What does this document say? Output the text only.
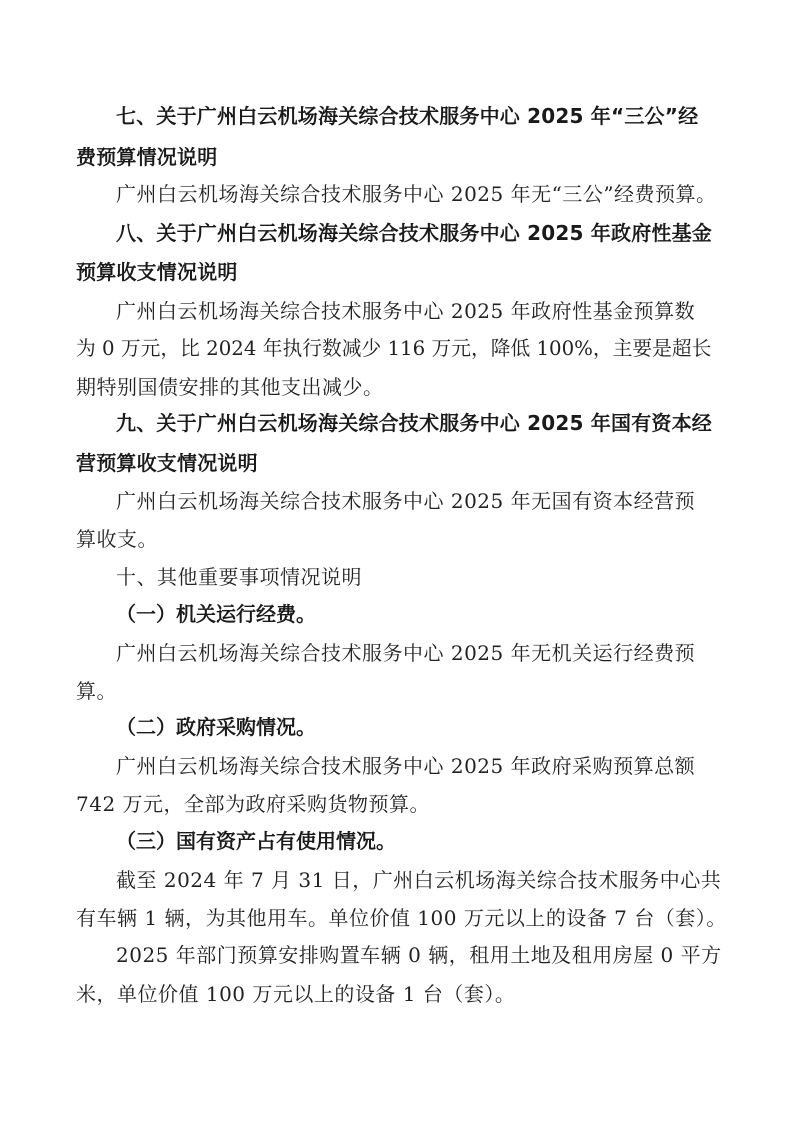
七、关于广州白云机场海关综合技术服务中心 2025 年“三公”经
费预算情况说明
广州白云机场海关综合技术服务中心 2025 年无“三公”经费预算。
八、关于广州白云机场海关综合技术服务中心 2025 年政府性基金
预算收支情况说明
广州白云机场海关综合技术服务中心 2025 年政府性基金预算数
为 0 万元，比 2024 年执行数减少 116 万元，降低 100%，主要是超长
期特别国债安排的其他支出减少。
九、关于广州白云机场海关综合技术服务中心 2025 年国有资本经
营预算收支情况说明
广州白云机场海关综合技术服务中心 2025 年无国有资本经营预
算收支。
十、其他重要事项情况说明
（一）机关运行经费。
广州白云机场海关综合技术服务中心 2025 年无机关运行经费预
算。
（二）政府采购情况。
广州白云机场海关综合技术服务中心 2025 年政府采购预算总额
742 万元，全部为政府采购货物预算。
（三）国有资产占有使用情况。
截至 2024 年 7 月 31 日，广州白云机场海关综合技术服务中心共
有车辆 1 辆，为其他用车。单位价值 100 万元以上的设备 7 台（套）。
2025 年部门预算安排购置车辆 0 辆，租用土地及租用房屋 0 平方
米，单位价值 100 万元以上的设备 1 台（套）。
